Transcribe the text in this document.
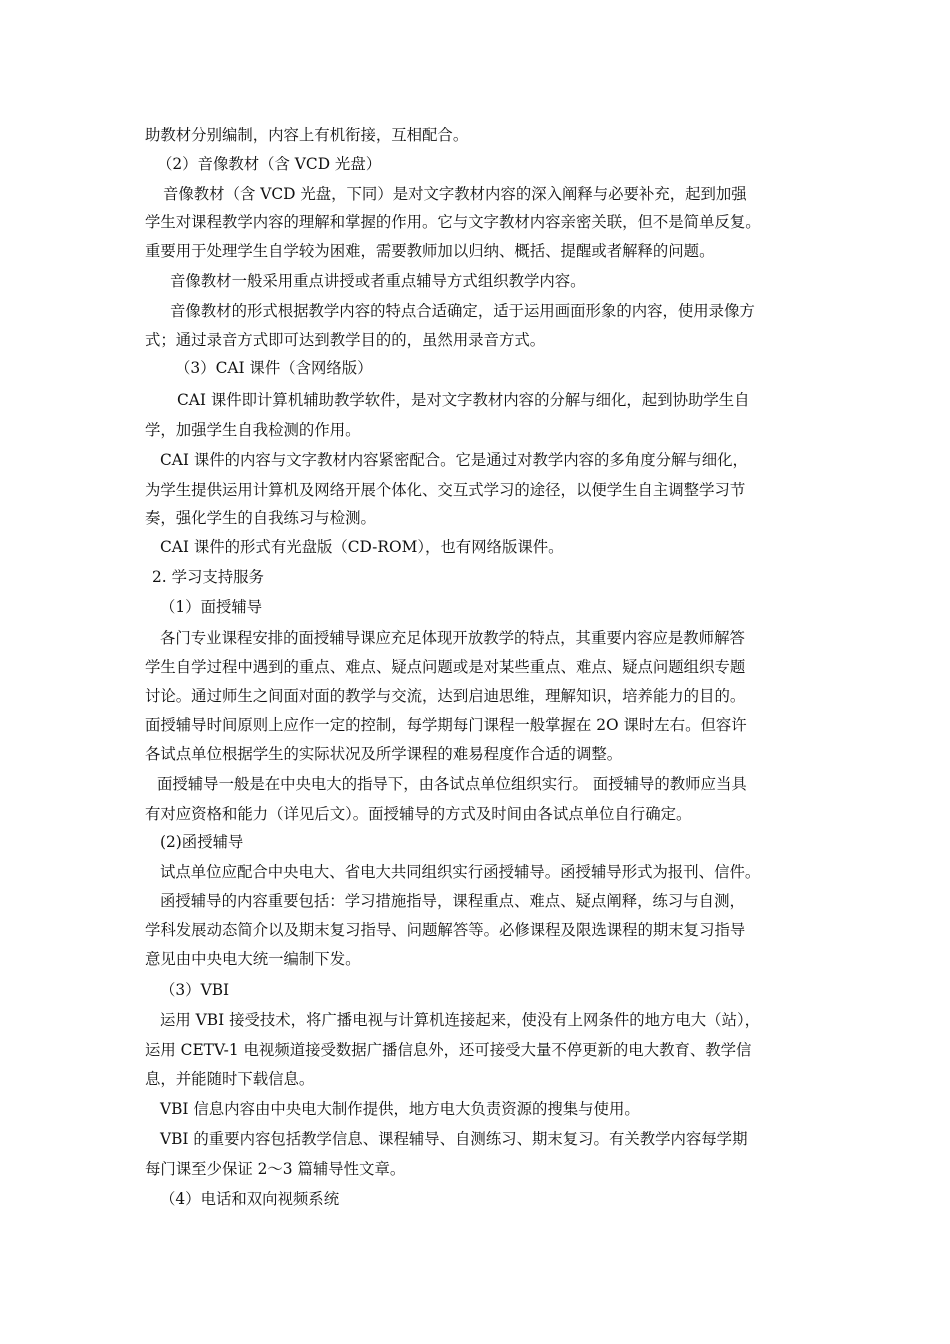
助教材分别编制，内容上有机衔接，互相配合。
（2）音像教材（含 VCD 光盘）
音像教材（含 VCD 光盘，下同）是对文字教材内容的深入阐释与必要补充，起到加强
学生对课程教学内容的理解和掌握的作用。它与文字教材内容亲密关联，但不是简单反复。
重要用于处理学生自学较为困难，需要教师加以归纳、概括、提醒或者解释的问题。
音像教材一般采用重点讲授或者重点辅导方式组织教学内容。
音像教材的形式根据教学内容的特点合适确定，适于运用画面形象的内容，使用录像方
式；通过录音方式即可达到教学目的的，虽然用录音方式。
（3）CAI 课件（含网络版）
CAI 课件即计算机辅助教学软件，是对文字教材内容的分解与细化，起到协助学生自
学，加强学生自我检测的作用。
CAI 课件的内容与文字教材内容紧密配合。它是通过对教学内容的多角度分解与细化，
为学生提供运用计算机及网络开展个体化、交互式学习的途径，以便学生自主调整学习节
奏，强化学生的自我练习与检测。
CAI 课件的形式有光盘版（CD-ROM），也有网络版课件。
2. 学习支持服务
（1）面授辅导
各门专业课程安排的面授辅导课应充足体现开放教学的特点，其重要内容应是教师解答
学生自学过程中遇到的重点、难点、疑点问题或是对某些重点、难点、疑点问题组织专题
讨论。通过师生之间面对面的教学与交流，达到启迪思维，理解知识，培养能力的目的。
面授辅导时间原则上应作一定的控制，每学期每门课程一般掌握在 2O 课时左右。但容许
各试点单位根据学生的实际状况及所学课程的难易程度作合适的调整。
面授辅导一般是在中央电大的指导下，由各试点单位组织实行。 面授辅导的教师应当具
有对应资格和能力（详见后文）。面授辅导的方式及时间由各试点单位自行确定。
(2)函授辅导
试点单位应配合中央电大、省电大共同组织实行函授辅导。函授辅导形式为报刊、信件。
函授辅导的内容重要包括：学习措施指导，课程重点、难点、疑点阐释，练习与自测，
学科发展动态简介以及期末复习指导、问题解答等。必修课程及限选课程的期末复习指导
意见由中央电大统一编制下发。
（3）VBI
运用 VBI 接受技术，将广播电视与计算机连接起来，使没有上网条件的地方电大（站），
运用 CETV-1 电视频道接受数据广播信息外，还可接受大量不停更新的电大教育、教学信
息，并能随时下载信息。
VBI 信息内容由中央电大制作提供，地方电大负责资源的搜集与使用。
VBI 的重要内容包括教学信息、课程辅导、自测练习、期末复习。有关教学内容每学期
每门课至少保证 2～3 篇辅导性文章。
（4）电话和双向视频系统
